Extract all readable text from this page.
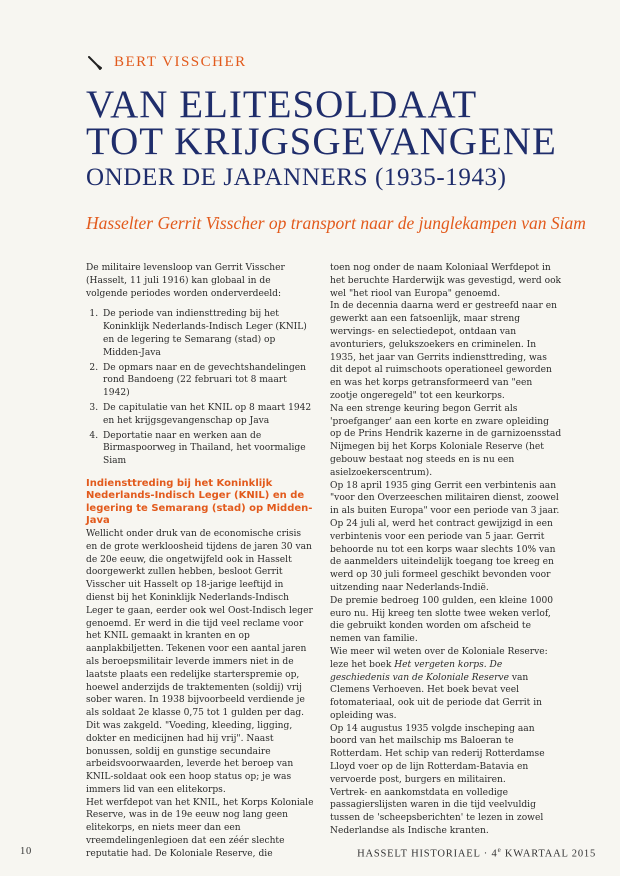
BERT VISSCHER
VAN ELITESOLDAAT
TOT KRIJGSGEVANGENE
ONDER DE JAPANNERS (1935-1943)
Hasselter Gerrit Visscher op transport naar de junglekampen van Siam

De militaire levensloop van Gerrit Visscher (Hasselt, 11 juli 1916) kan globaal in de volgende periodes worden onderverdeeld:

1. De periode van indiensttreding bij het Koninklijk Nederlands-Indisch Leger (KNIL) en de legering te Semarang (stad) op Midden-Java
2. De opmars naar en de gevechtshandelingen rond Bandoeng (22 februari tot 8 maart 1942)
3. De capitulatie van het KNIL op 8 maart 1942 en het krijgsgevangenschap op Java
4. Deportatie naar en werken aan de Birmaspoorweg in Thailand, het voormalige Siam
Indiensttreding bij het Koninklijk Nederlands-Indisch Leger (KNIL) en de legering te Semarang (stad) op Midden-Java

Wellicht onder druk van de economische crisis en de grote werkloosheid tijdens de jaren 30 van de 20e eeuw, die ongetwijfeld ook in Hasselt doorgewerkt zullen hebben, besloot Gerrit Visscher uit Hasselt op 18-jarige leeftijd in dienst bij het Koninklijk Nederlands-Indisch Leger te gaan, eerder ook wel Oost-Indisch leger genoemd. Er werd in die tijd veel reclame voor het KNIL gemaakt in kranten en op aanplakbiljetten. Tekenen voor een aantal jaren als beroepsmilitair leverde immers niet in de laatste plaats een redelijke starterspremie op, hoewel anderzijds de traktementen (soldij) vrij sober waren. In 1938 bijvoorbeeld verdiende je als soldaat 2e klasse 0,75 tot 1 gulden per dag. Dit was zakgeld. "Voeding, kleeding, ligging, dokter en medicijnen had hij vrij". Naast bonussen, soldij en gunstige secundaire arbeidsvoorwaarden, leverde het beroep van KNIL-soldaat ook een hoop status op; je was immers lid van een elitekorps.

Het werfdepot van het KNIL, het Korps Koloniale Reserve, was in de 19e eeuw nog lang geen elitekorps, en niets meer dan een vreemdelingenlegioen dat een zéér slechte reputatie had. De Koloniale Reserve, die

toen nog onder de naam Koloniaal Werfdepot in het beruchte Harderwijk was gevestigd, werd ook wel "het riool van Europa" genoemd.

In de decennia daarna werd er gestreefd naar en gewerkt aan een fatsoenlijk, maar streng wervings- en selectiedepot, ontdaan van avonturiers, gelukszoekers en criminelen. In 1935, het jaar van Gerrits indiensttreding, was dit depot al ruimschoots operationeel geworden en was het korps getransformeerd van "een zootje ongeregeld" tot een keurkorps.

Na een strenge keuring begon Gerrit als 'proefganger' aan een korte en zware opleiding op de Prins Hendrik kazerne in de garnizoensstad Nijmegen bij het Korps Koloniale Reserve (het gebouw bestaat nog steeds en is nu een asielzoekerscentrum).

Op 18 april 1935 ging Gerrit een verbintenis aan "voor den Overzeeschen militairen dienst, zoowel in als buiten Europa" voor een periode van 3 jaar. Op 24 juli al, werd het contract gewijzigd in een verbintenis voor een periode van 5 jaar. Gerrit behoorde nu tot een korps waar slechts 10% van de aanmelders uiteindelijk toegang toe kreeg en werd op 30 juli formeel geschikt bevonden voor uitzending naar Nederlands-Indië.

De premie bedroeg 100 gulden, een kleine 1000 euro nu. Hij kreeg ten slotte twee weken verlof, die gebruikt konden worden om afscheid te nemen van familie.

Wie meer wil weten over de Koloniale Reserve: leze het boek Het vergeten korps. De geschiedenis van de Koloniale Reserve van Clemens Verhoeven. Het boek bevat veel fotomateriaal, ook uit de periode dat Gerrit in opleiding was.

Op 14 augustus 1935 volgde inscheping aan boord van het mailschip ms Baloeran te Rotterdam. Het schip van rederij Rotterdamse Lloyd voer op de lijn Rotterdam-Batavia en vervoerde post, burgers en militairen.

Vertrek- en aankomstdata en volledige passagierslijsten waren in die tijd veelvuldig tussen de 'scheepsberichten' te lezen in zowel Nederlandse als Indische kranten.

10	HASSELT HISTORIAEL · $4^e$ KWARTAAL 2015
